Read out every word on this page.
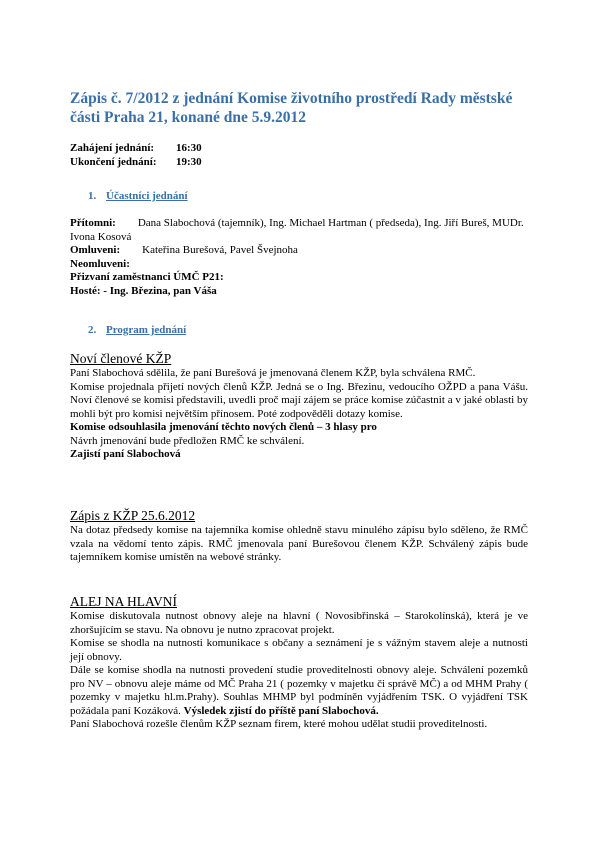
Zápis č. 7/2012 z jednání Komise životního prostředí Rady městské části Praha 21, konané dne 5.9.2012
Zahájení jednání:	16:30
Ukončení jednání:	19:30
1. Účastníci jednání
Přítomni: Dana Slabochová (tajemník), Ing. Michael Hartman ( předseda), Ing. Jiří Bureš, MUDr. Ivona Kosová
Omluveni: Kateřina Burešová, Pavel Švejnoha
Neomluveni:
Přizvaní zaměstnanci ÚMČ P21:
Hosté: - Ing. Březina, pan Váša
2. Program jednání
Noví členové KŽP
Paní Slabochová sdělila, že paní Burešová je jmenovaná členem KŽP, byla schválena RMČ.
Komise projednala přijetí nových členů KŽP. Jedná se o Ing. Březinu, vedoucího OŽPD a pana Vášu. Noví členové se komisi představili, uvedli proč mají zájem se práce komise zúčastnit a v jaké oblasti by mohli být pro komisi největším přínosem. Poté zodpověděli dotazy komise.
Komise odsouhlasila jmenování těchto nových členů – 3 hlasy pro
Návrh jmenování bude předložen RMČ ke schválení.
Zajistí paní Slabochová
Zápis z KŽP 25.6.2012
Na dotaz předsedy komise na tajemníka komise ohledně stavu minulého zápisu bylo sděleno, že RMČ vzala na vědomí tento zápis. RMČ jmenovala paní Burešovou členem KŽP. Schválený zápis bude tajemníkem komise umístěn na webové stránky.
ALEJ NA HLAVNÍ
Komise diskutovala nutnost obnovy aleje na hlavní ( Novosibřinská – Starokolínská), která je ve zhoršujícím se stavu. Na obnovu je nutno zpracovat projekt.
Komise se shodla na nutnosti komunikace s občany a seznámení je s vážným stavem aleje a nutnosti její obnovy.
Dále se komise shodla na nutnosti provedení studie proveditelnosti obnovy aleje. Schválení pozemků pro NV – obnovu aleje máme od MČ Praha 21 ( pozemky v majetku či správě MČ) a od MHM Prahy ( pozemky v majetku hl.m.Prahy). Souhlas MHMP byl podmíněn vyjádřením TSK. O vyjádření TSK požádala paní Kozáková. Výsledek zjistí do příště paní Slabochová.
Paní Slabochová rozešle členům KŽP seznam firem, které mohou udělat studii proveditelnosti.
